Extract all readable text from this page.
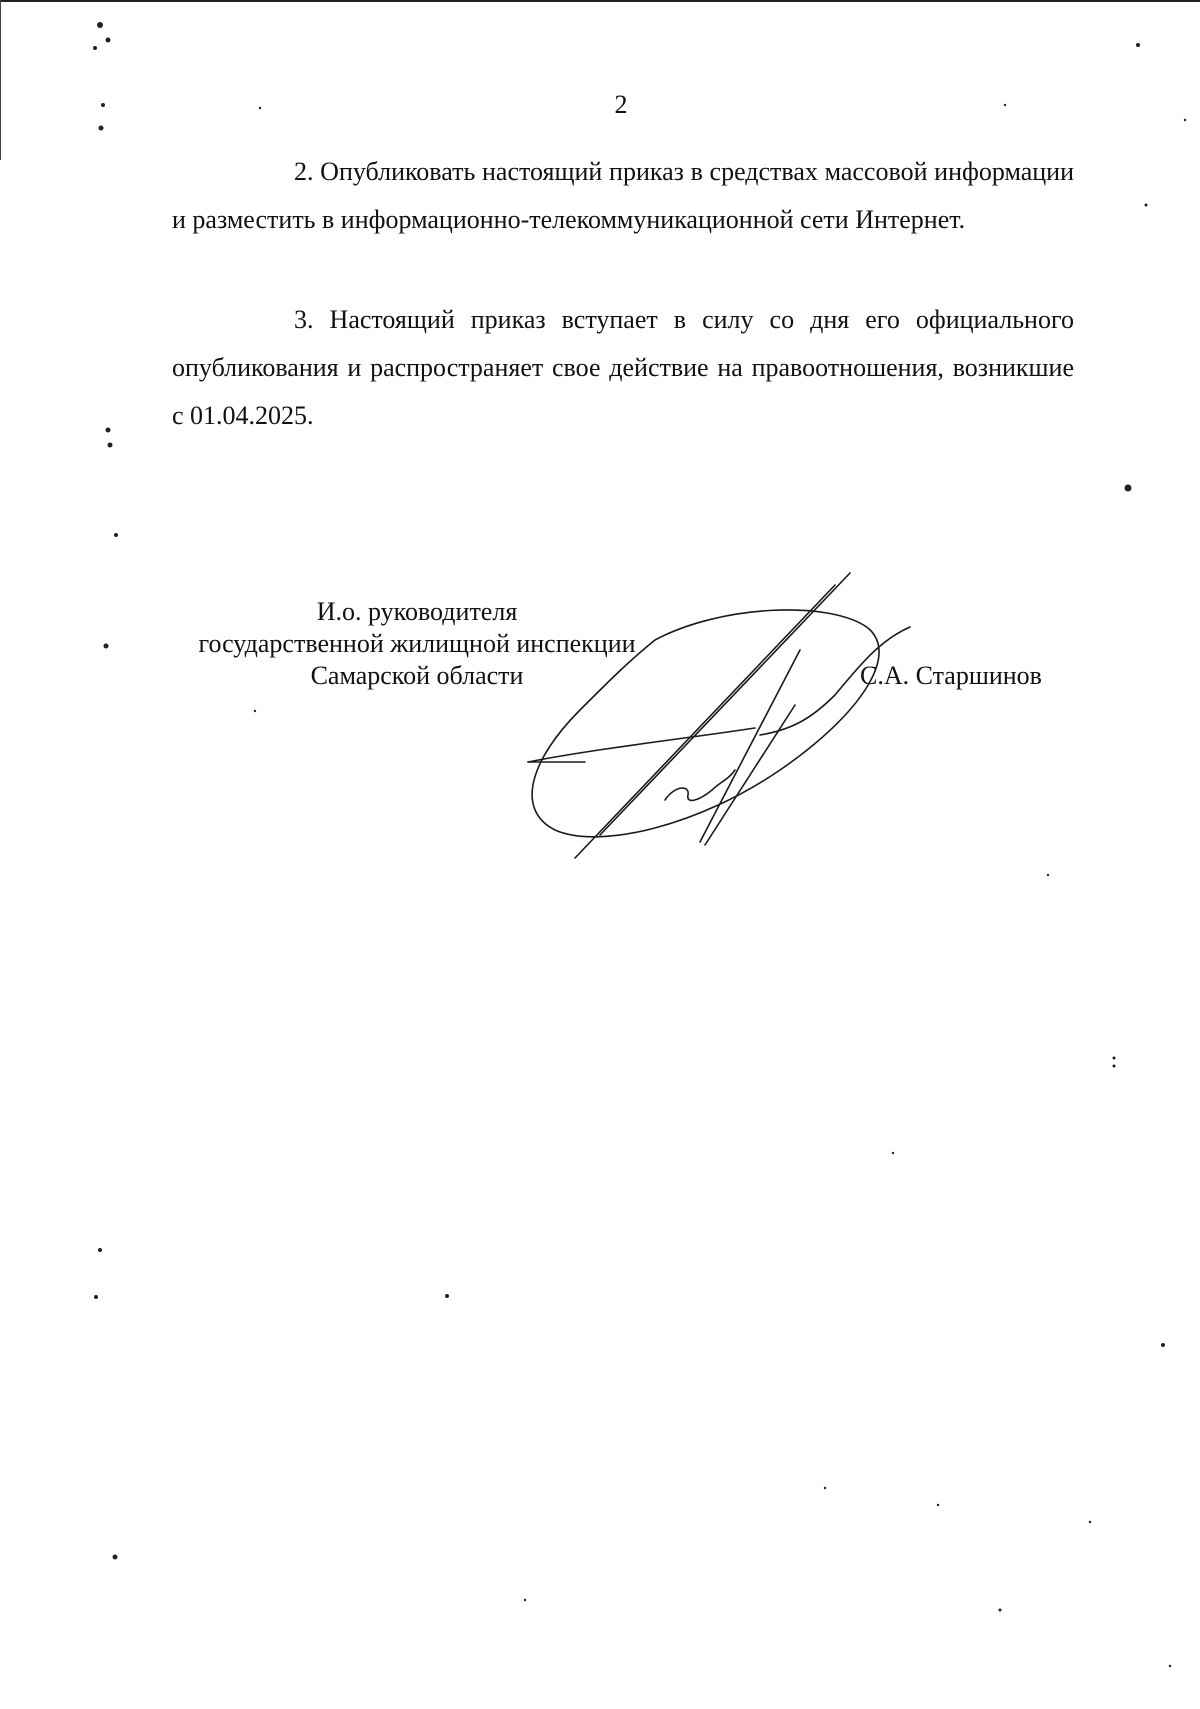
2

2. Опубликовать настоящий приказ в средствах массовой информации и разместить в информационно-телекоммуникационной сети Интернет.

3. Настоящий приказ вступает в силу со дня его официального опубликования и распространяет свое действие на правоотношения, возникшие с 01.04.2025.

И.о. руководителя
государственной жилищной инспекции
Самарской области	С.А. Старшинов
